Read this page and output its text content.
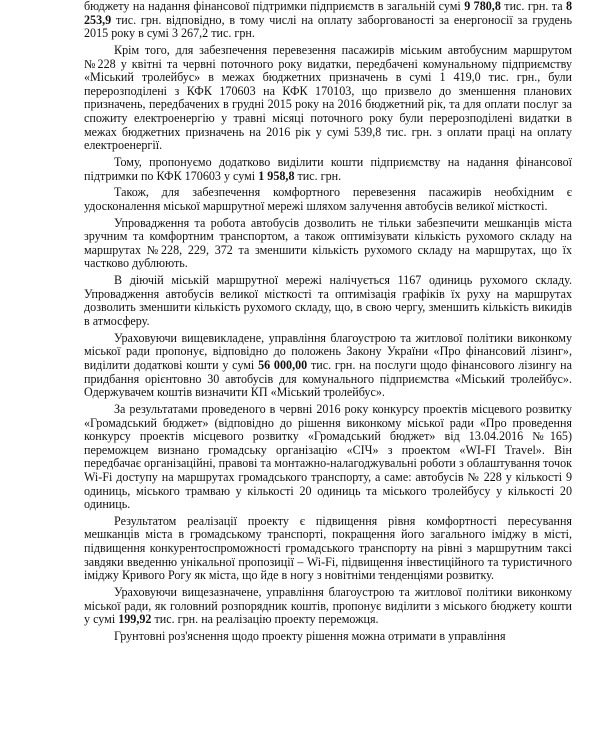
бюджету на надання фінансової підтримки підприємств в загальній сумі 9 780,8 тис. грн. та 8 253,9 тис. грн. відповідно, в тому числі на оплату заборгованості за енергоносії за грудень 2015 року в сумі 3 267,2 тис. грн.

Крім того, для забезпечення перевезення пасажирів міським автобусним маршрутом №228 у квітні та червні поточного року видатки, передбачені комунальному підприємству «Міський тролейбус» в межах бюджетних призначень в сумі 1 419,0 тис. грн., були перерозподілені з КФК 170603 на КФК 170103, що призвело до зменшення планових призначень, передбачених в грудні 2015 року на 2016 бюджетний рік, та для оплати послуг за спожиту електроенергію у травні місяці поточного року були перерозподілені видатки в межах бюджетних призначень на 2016 рік у сумі 539,8 тис. грн. з оплати праці на оплату електроенергії.

Тому, пропонуємо додатково виділити кошти підприємству на надання фінансової підтримки по КФК 170603 у сумі 1 958,8 тис. грн.

Також, для забезпечення комфортного перевезення пасажирів необхідним є удосконалення міської маршрутної мережі шляхом залучення автобусів великої місткості.

Упровадження та робота автобусів дозволить не тільки забезпечити мешканців міста зручним та комфортним транспортом, а також оптимізувати кількість рухомого складу на маршрутах №228, 229, 372 та зменшити кількість рухомого складу на маршрутах, що їх частково дублюють.

В діючій міській маршрутної мережі налічується 1167 одиниць рухомого складу. Упровадження автобусів великої місткості та оптимізація графіків їх руху на маршрутах дозволить зменшити кількість рухомого складу, що, в свою чергу, зменшить кількість викидів в атмосферу.

Ураховуючи вищевикладене, управління благоустрою та житлової політики виконкому міської ради пропонує, відповідно до положень Закону України «Про фінансовий лізинг», виділити додаткові кошти у сумі 56 000,00 тис. грн. на послуги щодо фінансового лізингу на придбання орієнтовно 30 автобусів для комунального підприємства «Міський тролейбус». Одержувачем коштів визначити КП «Міський тролейбус».

За результатами проведеного в червні 2016 року конкурсу проектів місцевого розвитку «Громадський бюджет» (відповідно до рішення виконкому міської ради «Про проведення конкурсу проектів місцевого розвитку «Громадський бюджет» від 13.04.2016 №165) переможцем визнано громадську організацію «СІЧ» з проектом «WI-FI Travel». Він передбачає організаційні, правові та монтажно-налагоджувальні роботи з облаштування точок Wi-Fi доступу на маршрутах громадського транспорту, а саме: автобусів № 228 у кількості 9 одиниць, міського трамваю у кількості 20 одиниць та міського тролейбусу у кількості 20 одиниць.

Результатом реалізації проекту є підвищення рівня комфортності пересування мешканців міста в громадському транспорті, покращення його загального іміджу в місті, підвищення конкурентоспроможності громадського транспорту на рівні з маршрутним таксі завдяки введенню унікальної пропозиції – Wi-Fi, підвищення інвестиційного та туристичного іміджу Кривого Рогу як міста, що йде в ногу з новітніми тенденціями розвитку.

Ураховуючи вищезазначене, управління благоустрою та житлової політики виконкому міської ради, як головний розпорядник коштів, пропонує виділити з міського бюджету кошти у сумі 199,92 тис. грн. на реалізацію проекту переможця.

Грунтовні роз'яснення щодо проекту рішення можна отримати в управління
